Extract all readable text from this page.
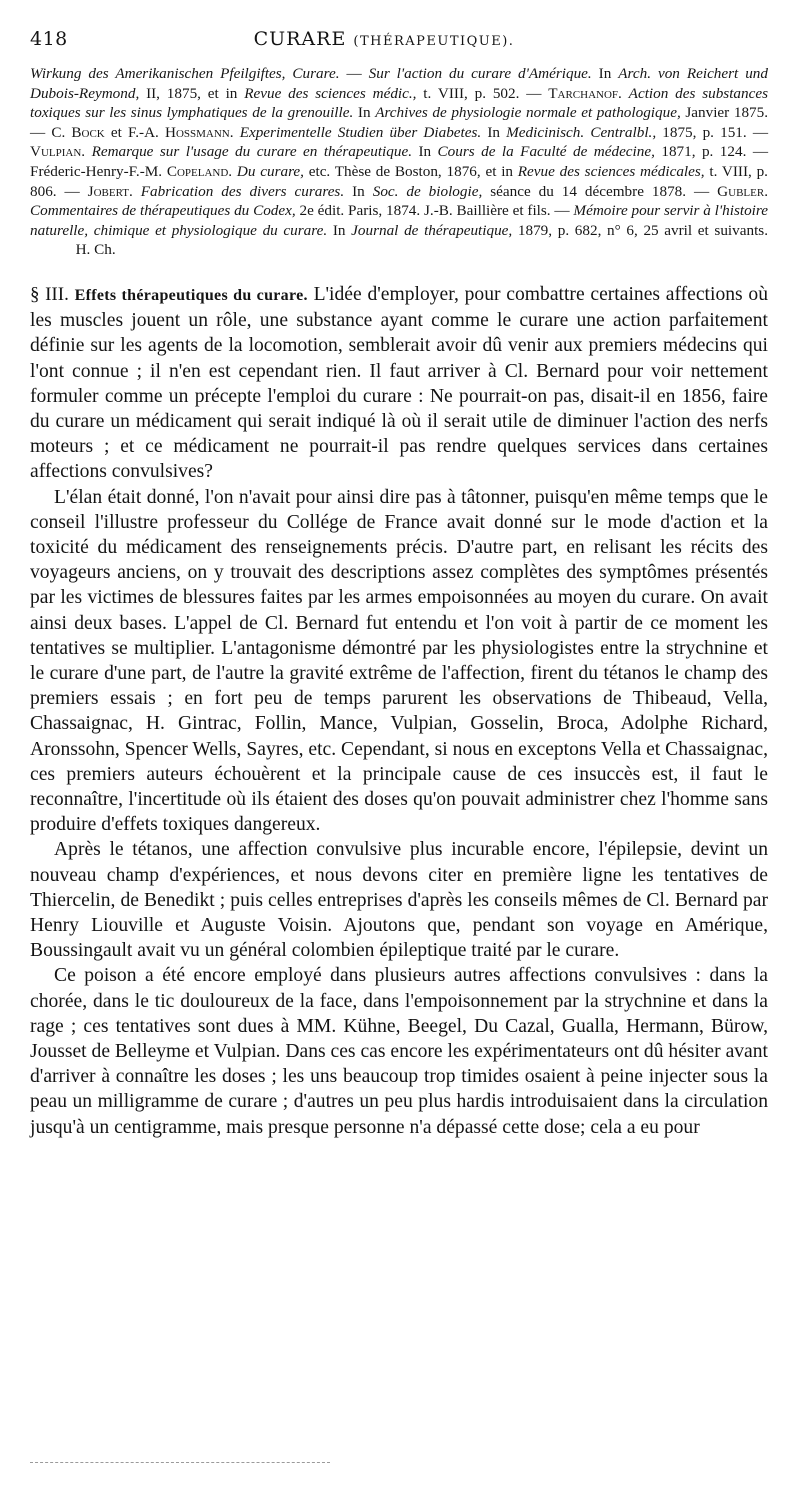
418	CURARE (THÉRAPEUTIQUE).
Wirkung des Amerikanischen Pfeilgiftes, Curare. — Sur l'action du curare d'Amérique. In Arch. von Reichert und Dubois-Reymond, II, 1875, et in Revue des sciences médic., t. VIII, p. 502. — Tarchanof. Action des substances toxiques sur les sinus lymphatiques de la grenouille. In Archives de physiologie normale et pathologique, Janvier 1875. — C. Bock et F.-A. Hossmann. Experimentelle Studien über Diabetes. In Medicinisch. Centralbl., 1875, p. 151. — Vulpian. Remarque sur l'usage du curare en thérapeutique. In Cours de la Faculté de médecine, 1871, p. 124. — Fréderic-Henry-F.-M. Copeland. Du curare, etc. Thèse de Boston, 1876, et in Revue des sciences médicales, t. VIII, p. 806. — Jobert. Fabrication des divers curares. In Soc. de biologie, séance du 14 décembre 1878. — Gubler. Commentaires de thérapeutiques du Codex, 2e édit. Paris, 1874. J.-B. Baillière et fils. — Mémoire pour servir à l'histoire naturelle, chimique et physiologique du curare. In Journal de thérapeutique, 1879, p. 682, n° 6, 25 avril et suivants.             H. Ch.

§ III. Effets thérapeutiques du curare. L'idée d'employer, pour combattre certaines affections où les muscles jouent un rôle, une substance ayant comme le curare une action parfaitement définie sur les agents de la locomotion, semblerait avoir dû venir aux premiers médecins qui l'ont connue ; il n'en est cependant rien. Il faut arriver à Cl. Bernard pour voir nettement formuler comme un précepte l'emploi du curare : Ne pourrait-on pas, disait-il en 1856, faire du curare un médicament qui serait indiqué là où il serait utile de diminuer l'action des nerfs moteurs ; et ce médicament ne pourrait-il pas rendre quelques services dans certaines affections convulsives?

L'élan était donné, l'on n'avait pour ainsi dire pas à tâtonner, puisqu'en même temps que le conseil l'illustre professeur du Collége de France avait donné sur le mode d'action et la toxicité du médicament des renseignements précis. D'autre part, en relisant les récits des voyageurs anciens, on y trouvait des descriptions assez complètes des symptômes présentés par les victimes de blessures faites par les armes empoisonnées au moyen du curare. On avait ainsi deux bases. L'appel de Cl. Bernard fut entendu et l'on voit à partir de ce moment les tentatives se multiplier. L'antagonisme démontré par les physiologistes entre la strychnine et le curare d'une part, de l'autre la gravité extrême de l'affection, firent du tétanos le champ des premiers essais ; en fort peu de temps parurent les observations de Thibeaud, Vella, Chassaignac, H. Gintrac, Follin, Mance, Vulpian, Gosselin, Broca, Adolphe Richard, Aronssohn, Spencer Wells, Sayres, etc. Cependant, si nous en exceptons Vella et Chassaignac, ces premiers auteurs échouèrent et la principale cause de ces insuccès est, il faut le reconnaître, l'incertitude où ils étaient des doses qu'on pouvait administrer chez l'homme sans produire d'effets toxiques dangereux.

Après le tétanos, une affection convulsive plus incurable encore, l'épilepsie, devint un nouveau champ d'expériences, et nous devons citer en première ligne les tentatives de Thiercelin, de Benedikt ; puis celles entreprises d'après les conseils mêmes de Cl. Bernard par Henry Liouville et Auguste Voisin. Ajoutons que, pendant son voyage en Amérique, Boussingault avait vu un général colombien épileptique traité par le curare.

Ce poison a été encore employé dans plusieurs autres affections convulsives : dans la chorée, dans le tic douloureux de la face, dans l'empoisonnement par la strychnine et dans la rage ; ces tentatives sont dues à MM. Kühne, Beegel, Du Cazal, Gualla, Hermann, Bürow, Jousset de Belleyme et Vulpian. Dans ces cas encore les expérimentateurs ont dû hésiter avant d'arriver à connaître les doses ; les uns beaucoup trop timides osaient à peine injecter sous la peau un milligramme de curare ; d'autres un peu plus hardis introduisaient dans la circulation jusqu'à un centigramme, mais presque personne n'a dépassé cette dose; cela a eu pour
